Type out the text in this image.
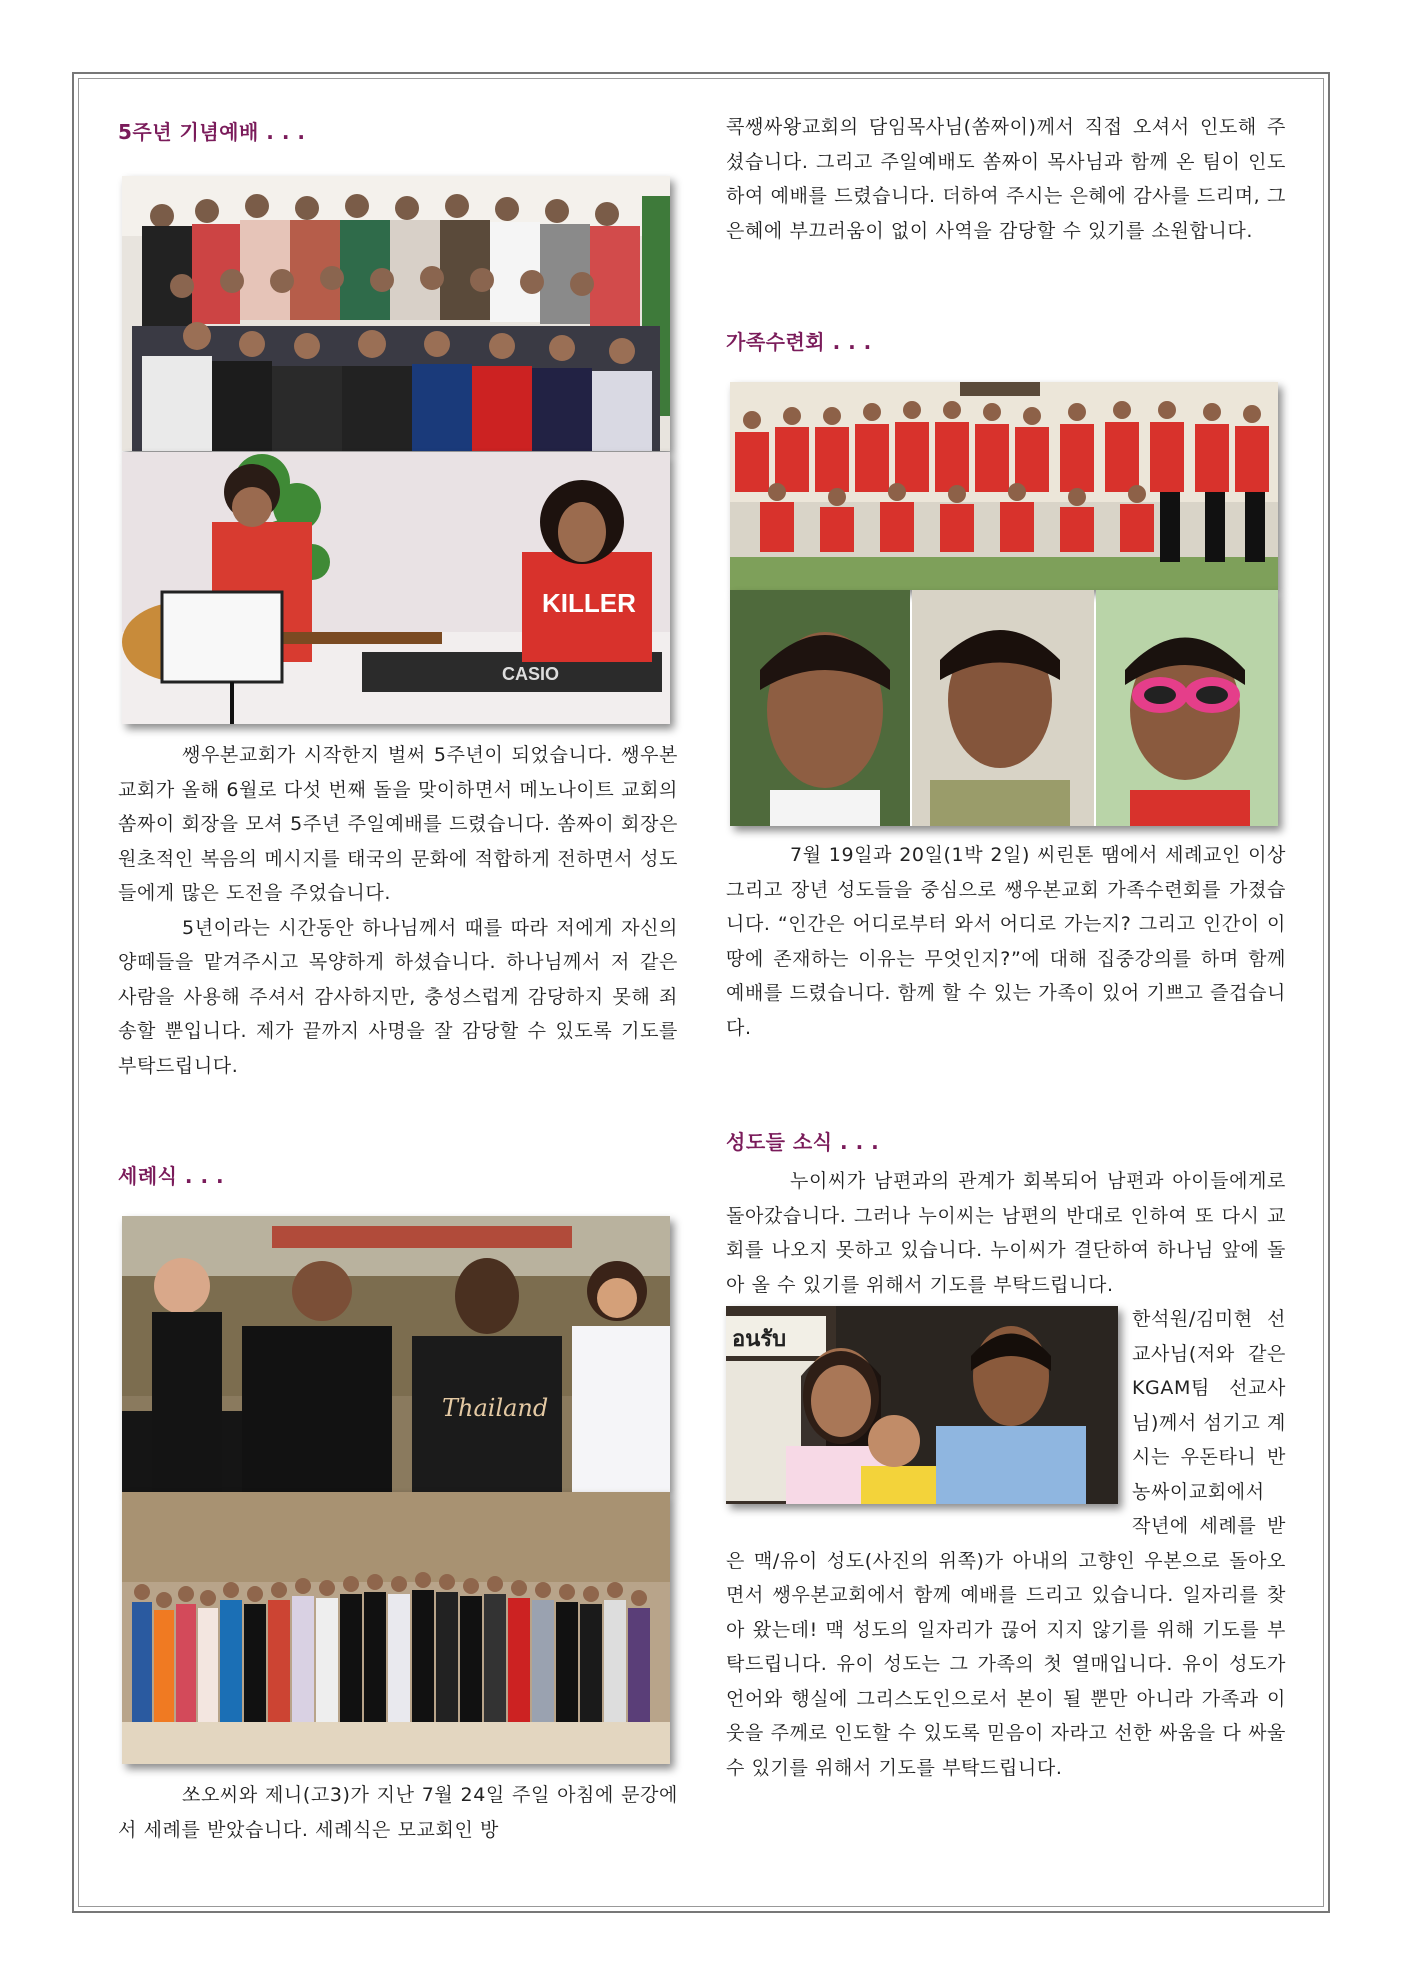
5주년 기념예배 . . .
CASIO
KILLER

쌩우본교회가 시작한지 벌써 5주년이 되었습니다. 쌩우본교회가 올해 6월로 다섯 번째 돌을 맞이하면서 메노나이트 교회의 쏨짜이 회장을 모셔 5주년 주일예배를 드렸습니다. 쏨짜이 회장은 원초적인 복음의 메시지를 태국의 문화에 적합하게 전하면서 성도들에게 많은 도전을 주었습니다.

5년이라는 시간동안 하나님께서 때를 따라 저에게 자신의 양떼들을 맡겨주시고 목양하게 하셨습니다. 하나님께서 저 같은 사람을 사용해 주셔서 감사하지만, 충성스럽게 감당하지 못해 죄송할 뿐입니다. 제가 끝까지 사명을 잘 감당할 수 있도록 기도를 부탁드립니다.

세례식 . . .
Thailand

쏘오씨와 제니(고3)가 지난 7월 24일 주일 아침에 문강에서 세례를 받았습니다. 세례식은 모교회인 방

콕쌩싸왕교회의 담임목사님(쏨짜이)께서 직접 오셔서 인도해 주셨습니다. 그리고 주일예배도 쏨짜이 목사님과 함께 온 팀이 인도하여 예배를 드렸습니다. 더하여 주시는 은혜에 감사를 드리며, 그 은혜에 부끄러움이 없이 사역을 감당할 수 있기를 소원합니다.

가족수련회 . . .

7월 19일과 20일(1박 2일) 씨린톤 땜에서 세례교인 이상 그리고 장년 성도들을 중심으로 쌩우본교회 가족수련회를 가졌습니다. “인간은 어디로부터 와서 어디로 가는지? 그리고 인간이 이 땅에 존재하는 이유는 무엇인지?”에 대해 집중강의를 하며 함께 예배를 드렸습니다. 함께 할 수 있는 가족이 있어 기쁘고 즐겁습니다.

성도들 소식 . . .

누이씨가 남편과의 관계가 회복되어 남편과 아이들에게로 돌아갔습니다. 그러나 누이씨는 남편의 반대로 인하여 또 다시 교회를 나오지 못하고 있습니다. 누이씨가 결단하여 하나님 앞에 돌아 올 수 있기를 위해서 기도를 부탁드립니다.

อนรับ

한석원/김미현 선교사님(저와 같은 KGAM팀 선교사님)께서 섬기고 계시는 우돈타니 반농싸이교회에서 작년에 세례를 받은 맥/유이 성도(사진의 위쪽)가 아내의 고향인 우본으로 돌아오면서 쌩우본교회에서 함께 예배를 드리고 있습니다. 일자리를 찾아 왔는데! 맥 성도의 일자리가 끊어 지지 않기를 위해 기도를 부탁드립니다. 유이 성도는 그 가족의 첫 열매입니다. 유이 성도가 언어와 행실에 그리스도인으로서 본이 될 뿐만 아니라 가족과 이웃을 주께로 인도할 수 있도록 믿음이 자라고 선한 싸움을 다 싸울 수 있기를 위해서 기도를 부탁드립니다.
